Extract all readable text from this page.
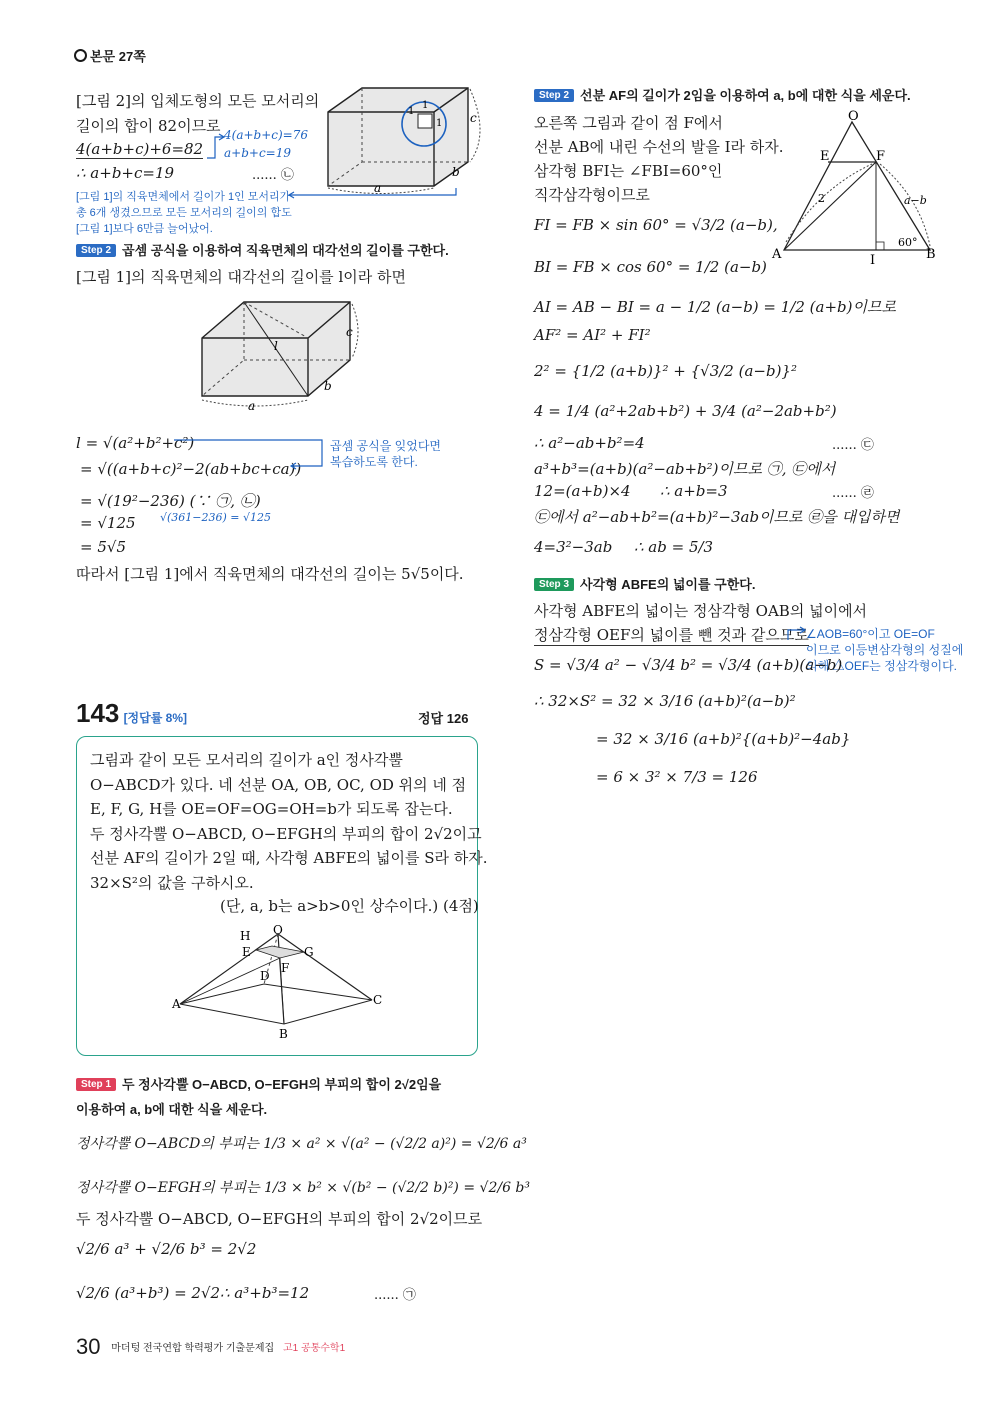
본문 27쪽
[그림 2]의 입체도형의 모든 모서리의
길이의 합이 82이므로
4(a+b+c)+6=82
∴ a+b+c=19	...... ㉡
4(a+b+c)=76
a+b+c=19
c
b
a
1
1
1
[그림 1]의 직육면체에서 길이가 1인 모서리가
총 6개 생겼으므로 모든 모서리의 길이의 합도
[그림 1]보다 6만큼 늘어났어.
Step 2 곱셈 공식을 이용하여 직육면체의 대각선의 길이를 구한다.
[그림 1]의 직육면체의 대각선의 길이를 l이라 하면
c
l
b
a
l = √(a²+b²+c²)
= √((a+b+c)²−2(ab+bc+ca))
= √(19²−236) (∵ ㉠, ㉡)
= √125 √(361−236) = √125
= 5√5
곱셈 공식을 잊었다면
복습하도록 한다.
따라서 [그림 1]에서 직육면체의 대각선의 길이는 5√5이다.
143 [정답률 8%]	정답 126
그림과 같이 모든 모서리의 길이가 a인 정사각뿔
O−ABCD가 있다. 네 선분 OA, OB, OC, OD 위의 네 점
E, F, G, H를 OE=OF=OG=OH=b가 되도록 잡는다.
두 정사각뿔 O−ABCD, O−EFGH의 부피의 합이 2√2이고
선분 AF의 길이가 2일 때, 사각형 ABFE의 넓이를 S라 하자.
32×S²의 값을 구하시오.
(단, a, b는 a>b>0인 상수이다.) (4점)
O
H
E	G
D
F
A	C
B
Step 1 두 정사각뿔 O−ABCD, O−EFGH의 부피의 합이 2√2임을
이용하여 a, b에 대한 식을 세운다.
정사각뿔 O−ABCD의 부피는 1/3 × a² × √(a² − (√2/2 a)²) = √2/6 a³
정사각뿔 O−EFGH의 부피는 1/3 × b² × √(b² − (√2/2 b)²) = √2/6 b³
두 정사각뿔 O−ABCD, O−EFGH의 부피의 합이 2√2이므로
√2/6 a³ + √2/6 b³ = 2√2
√2/6 (a³+b³) = 2√2 ∴ a³+b³=12	...... ㉠
Step 2 선분 AF의 길이가 2임을 이용하여 a, b에 대한 식을 세운다.
오른쪽 그림과 같이 점 F에서
선분 AB에 내린 수선의 발을 I라 하자.
삼각형 BFI는 ∠FBI=60°인
직각삼각형이므로
O
E	F
A	I	B
2	a−b
60°
FI = FB × sin 60° = √3/2 (a−b),
BI = FB × cos 60° = 1/2 (a−b)
AI = AB − BI = a − 1/2 (a−b) = 1/2 (a+b)이므로
AF² = AI² + FI²
2² = {1/2 (a+b)}² + {√3/2 (a−b)}²
4 = 1/4 (a²+2ab+b²) + 3/4 (a²−2ab+b²)
∴ a²−ab+b²=4	...... ㉢
a³+b³=(a+b)(a²−ab+b²)이므로 ㉠, ㉢에서
12=(a+b)×4 ∴ a+b=3	...... ㉣
㉢에서 a²−ab+b²=(a+b)²−3ab이므로 ㉣을 대입하면
4=3²−3ab ∴ ab = 5/3
Step 3 사각형 ABFE의 넓이를 구한다.
사각형 ABFE의 넓이는 정삼각형 OAB의 넓이에서
정삼각형 OEF의 넓이를 뺀 것과 같으므로
∠AOB=60°이고 OE=OF
이므로 이등변삼각형의 성질에
의해 △OEF는 정삼각형이다.
S = √3/4 a² − √3/4 b² = √3/4 (a+b)(a−b)
∴ 32×S² = 32 × 3/16 (a+b)²(a−b)²
= 32 × 3/16 (a+b)²{(a+b)²−4ab}
= 6 × 3² × 7/3 = 126
30 $^{마더텅 전국연합 학력평가 기출문제집}$ $^{고1 공통수학1}$
